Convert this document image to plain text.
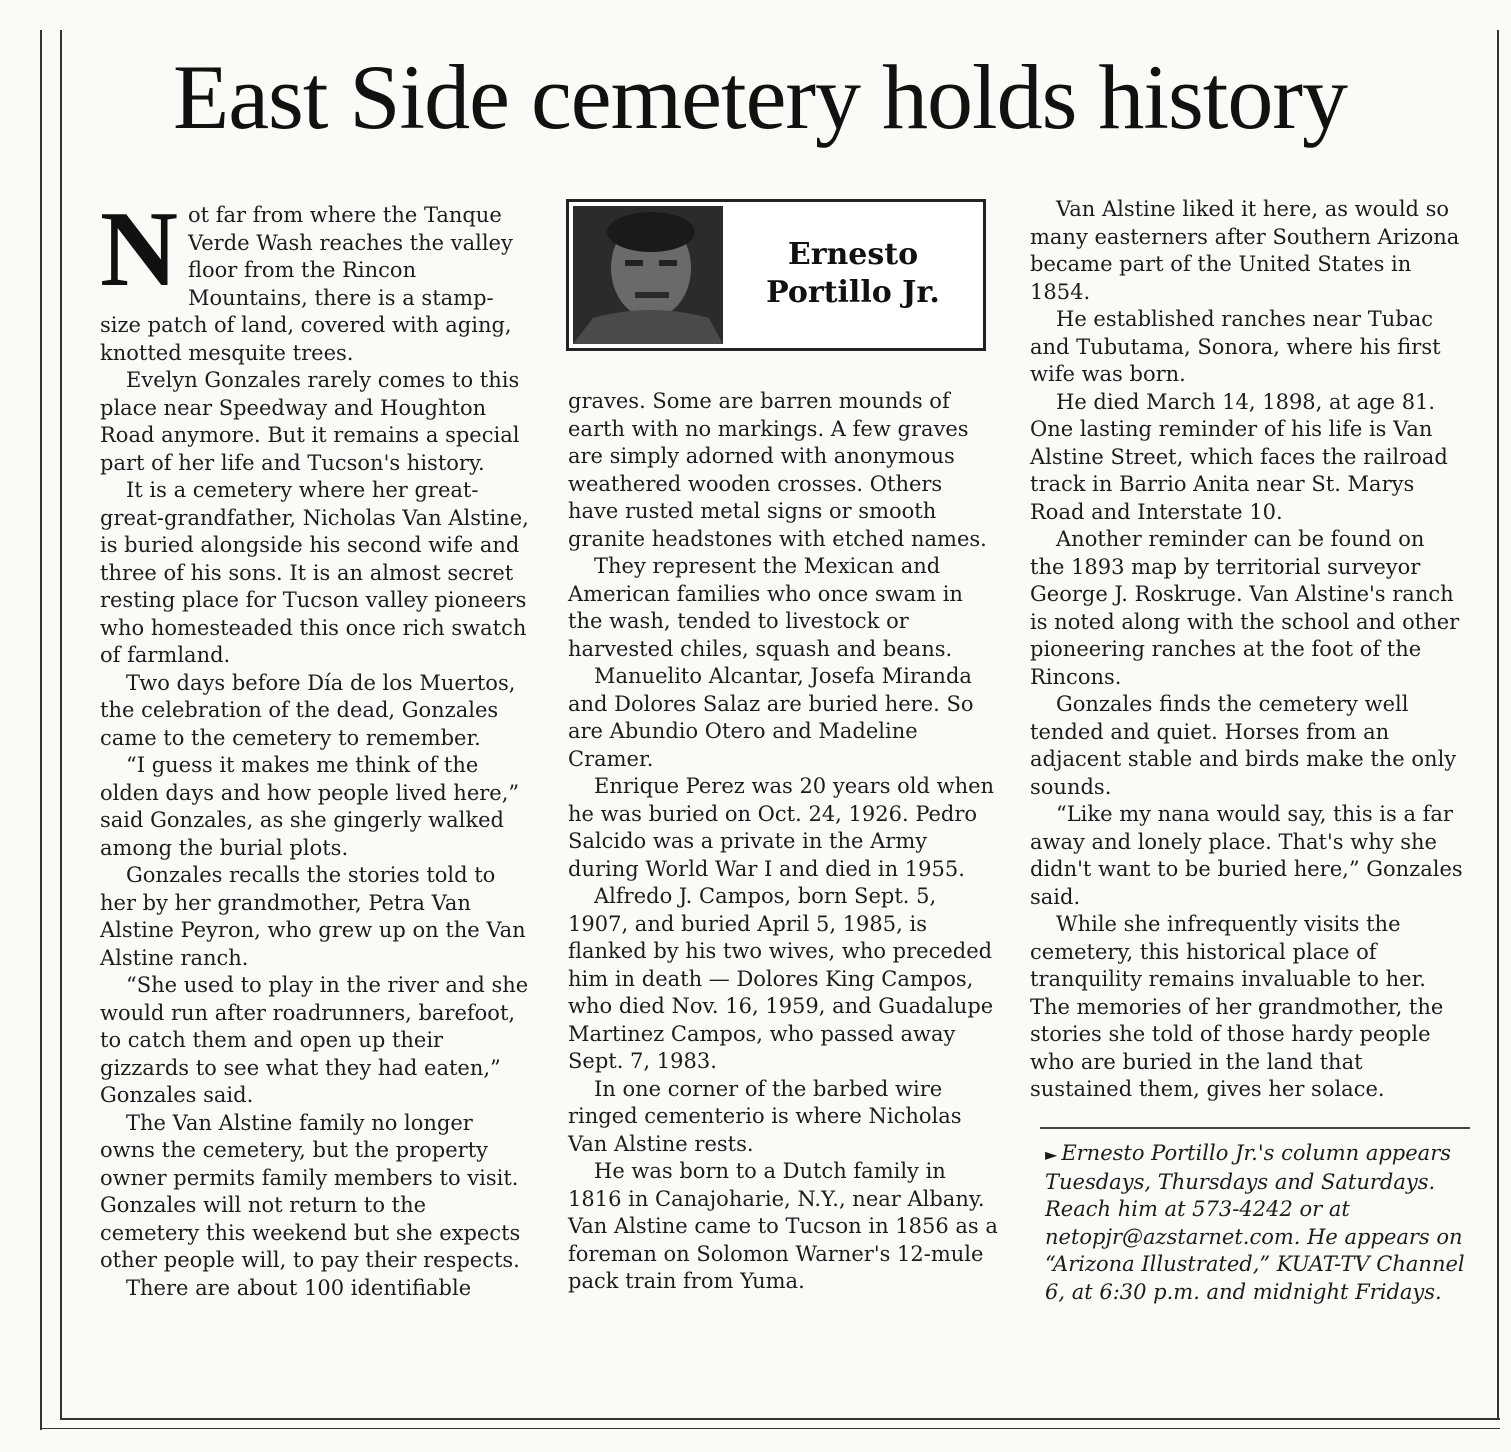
East Side cemetery holds history

Not far from where the Tanque Verde Wash reaches the valley floor from the Rincon Mountains, there is a stamp-size patch of land, covered with aging, knotted mesquite trees.

Evelyn Gonzales rarely comes to this place near Speedway and Houghton Road anymore. But it remains a special part of her life and Tucson's history.

It is a cemetery where her great-great-grandfather, Nicholas Van Alstine, is buried alongside his second wife and three of his sons. It is an almost secret resting place for Tucson valley pioneers who homesteaded this once rich swatch of farmland.

Two days before Día de los Muertos, the celebration of the dead, Gonzales came to the cemetery to remember.

“I guess it makes me think of the olden days and how people lived here,” said Gonzales, as she gingerly walked among the burial plots.

Gonzales recalls the stories told to her by her grandmother, Petra Van Alstine Peyron, who grew up on the Van Alstine ranch.

“She used to play in the river and she would run after roadrunners, barefoot, to catch them and open up their gizzards to see what they had eaten,” Gonzales said.

The Van Alstine family no longer owns the cemetery, but the property owner permits family members to visit. Gonzales will not return to the cemetery this weekend but she expects other people will, to pay their respects.

There are about 100 identifiable

Ernesto
Portillo Jr.

graves. Some are barren mounds of earth with no markings. A few graves are simply adorned with anonymous weathered wooden crosses. Others have rusted metal signs or smooth granite headstones with etched names.

They represent the Mexican and American families who once swam in the wash, tended to livestock or harvested chiles, squash and beans.

Manuelito Alcantar, Josefa Miranda and Dolores Salaz are buried here. So are Abundio Otero and Madeline Cramer.

Enrique Perez was 20 years old when he was buried on Oct. 24, 1926. Pedro Salcido was a private in the Army during World War I and died in 1955.

Alfredo J. Campos, born Sept. 5, 1907, and buried April 5, 1985, is flanked by his two wives, who preceded him in death — Dolores King Campos, who died Nov. 16, 1959, and Guadalupe Martinez Campos, who passed away Sept. 7, 1983.

In one corner of the barbed wire ringed cementerio is where Nicholas Van Alstine rests.

He was born to a Dutch family in 1816 in Canajoharie, N.Y., near Albany. Van Alstine came to Tucson in 1856 as a foreman on Solomon Warner's 12-mule pack train from Yuma.

Van Alstine liked it here, as would so many easterners after Southern Arizona became part of the United States in 1854.

He established ranches near Tubac and Tubutama, Sonora, where his first wife was born.

He died March 14, 1898, at age 81. One lasting reminder of his life is Van Alstine Street, which faces the railroad track in Barrio Anita near St. Marys Road and Interstate 10.

Another reminder can be found on the 1893 map by territorial surveyor George J. Roskruge. Van Alstine's ranch is noted along with the school and other pioneering ranches at the foot of the Rincons.

Gonzales finds the cemetery well tended and quiet. Horses from an adjacent stable and birds make the only sounds.

“Like my nana would say, this is a far away and lonely place. That's why she didn't want to be buried here,” Gonzales said.

While she infrequently visits the cemetery, this historical place of tranquility remains invaluable to her. The memories of her grandmother, the stories she told of those hardy people who are buried in the land that sustained them, gives her solace.

► Ernesto Portillo Jr.'s column appears Tuesdays, Thursdays and Saturdays. Reach him at 573-4242 or at netopjr@azstarnet.com. He appears on “Arizona Illustrated,” KUAT-TV Channel 6, at 6:30 p.m. and midnight Fridays.
